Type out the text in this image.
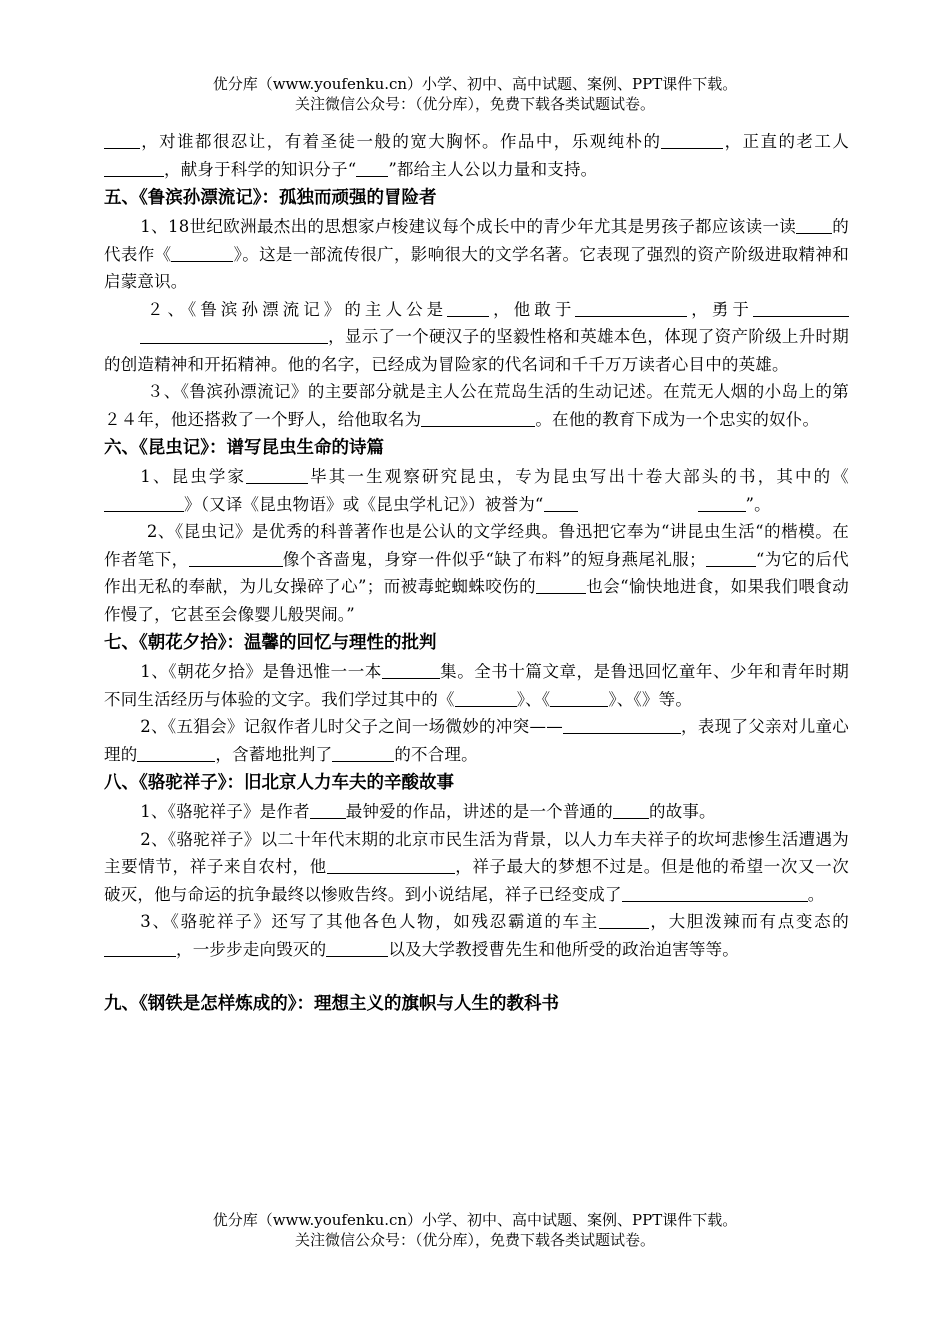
优分库（www.youfenku.cn）小学、初中、高中试题、案例、PPT课件下载。
关注微信公众号：（优分库），免费下载各类试题试卷。

，对谁都很忍让，有着圣徒一般的宽大胸怀。作品中，乐观纯朴的	，正直的老工人，献身于科学的知识分子“ ”都给主人公以力量和支持。

五、《鲁滨孙漂流记》：孤独而顽强的冒险者

1、18世纪欧洲最杰出的思想家卢梭建议每个成长中的青少年尤其是男孩子都应该读一读 的代表作《	》。这是一部流传很广，影响很大的文学名著。它表现了强烈的资产阶级进取精神和启蒙意识。

２、《鲁滨孙漂流记》的主人公是	，他敢于	，勇于，显示了一个硬汉子的坚毅性格和英雄本色，体现了资产阶级上升时期的创造精神和开拓精神。他的名字，已经成为冒险家的代名词和千千万万读者心目中的英雄。

３、《鲁滨孙漂流记》的主要部分就是主人公在荒岛生活的生动记述。在荒无人烟的小岛上的第２４年，他还搭救了一个野人，给他取名为	。在他的教育下成为一个忠实的奴仆。

六、《昆虫记》：谱写昆虫生命的诗篇

1、昆虫学家	毕其一生观察研究昆虫，专为昆虫写出十卷大部头的书，其中的《》（又译《昆虫物语》或《昆虫学札记》）被誉为“	”。

2、《昆虫记》是优秀的科普著作也是公认的文学经典。鲁迅把它奉为“讲昆虫生活“的楷模。在作者笔下，	像个吝啬鬼，身穿一件似乎“缺了布料”的短身燕尾礼服；	“为它的后代作出无私的奉献，为儿女操碎了心”；而被毒蛇蜘蛛咬伤的	也会“愉快地进食，如果我们喂食动作慢了，它甚至会像婴儿般哭闹。”

七、《朝花夕拾》：温馨的回忆与理性的批判

1、《朝花夕拾》是鲁迅惟一一本	集。全书十篇文章，是鲁迅回忆童年、少年和青年时期不同生活经历与体验的文字。我们学过其中的《	》、《	》、《》等。

2、《五猖会》记叙作者儿时父子之间一场微妙的冲突——	，表现了父亲对儿童心理的	，含蓄地批判了	的不合理。

八、《骆驼祥子》：旧北京人力车夫的辛酸故事

1、《骆驼祥子》是作者 最钟爱的作品，讲述的是一个普通的 的故事。

2、《骆驼祥子》以二十年代末期的北京市民生活为背景，以人力车夫祥子的坎坷悲惨生活遭遇为主要情节，祥子来自农村，他	，祥子最大的梦想不过是。但是他的希望一次又一次破灭，他与命运的抗争最终以惨败告终。到小说结尾，祥子已经变成了	。

3、《骆驼祥子》还写了其他各色人物，如残忍霸道的车主	，大胆泼辣而有点变态的，一步步走向毁灭的	以及大学教授曹先生和他所受的政治迫害等等。

九、《钢铁是怎样炼成的》：理想主义的旗帜与人生的教科书
优分库（www.youfenku.cn）小学、初中、高中试题、案例、PPT课件下载。
关注微信公众号：（优分库），免费下载各类试题试卷。
